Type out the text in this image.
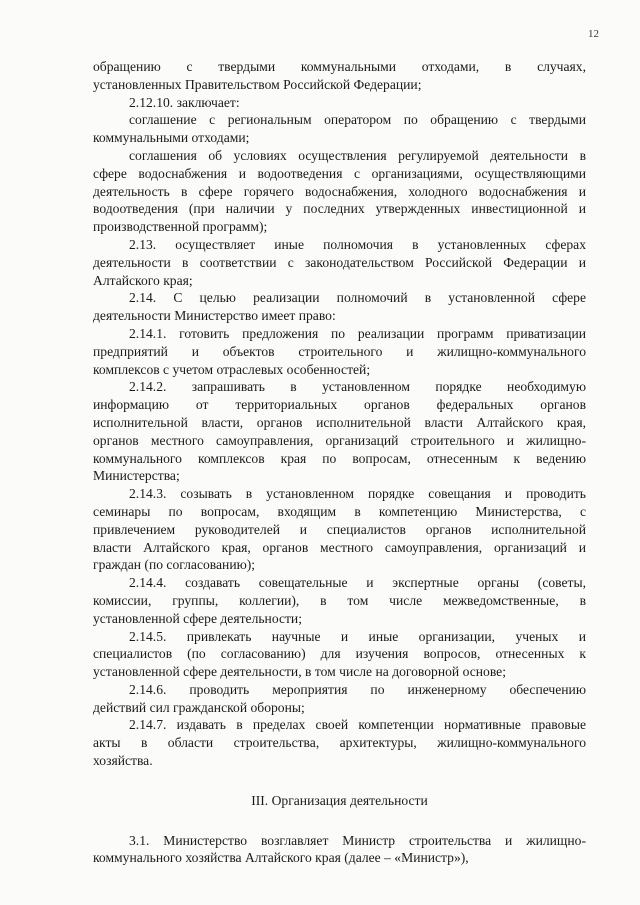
12
обращению с твердыми коммунальными отходами, в случаях,
установленных Правительством Российской Федерации;
2.12.10. заключает:
соглашение с региональным оператором по обращению с твердыми
коммунальными отходами;
соглашения об условиях осуществления регулируемой деятельности в
сфере водоснабжения и водоотведения с организациями, осуществляющими
деятельность в сфере горячего водоснабжения, холодного водоснабжения и
водоотведения (при наличии у последних утвержденных инвестиционной и
производственной программ);
2.13. осуществляет иные полномочия в установленных сферах
деятельности в соответствии с законодательством Российской Федерации и
Алтайского края;
2.14. С целью реализации полномочий в установленной сфере
деятельности Министерство имеет право:
2.14.1. готовить предложения по реализации программ приватизации
предприятий и объектов строительного и жилищно-коммунального
комплексов с учетом отраслевых особенностей;
2.14.2. запрашивать в установленном порядке необходимую
информацию от территориальных органов федеральных органов
исполнительной власти, органов исполнительной власти Алтайского края,
органов местного самоуправления, организаций строительного и жилищно-
коммунального комплексов края по вопросам, отнесенным к ведению
Министерства;
2.14.3. созывать в установленном порядке совещания и проводить
семинары по вопросам, входящим в компетенцию Министерства, с
привлечением руководителей и специалистов органов исполнительной
власти Алтайского края, органов местного самоуправления, организаций и
граждан (по согласованию);
2.14.4. создавать совещательные и экспертные органы (советы,
комиссии, группы, коллегии), в том числе межведомственные, в
установленной сфере деятельности;
2.14.5. привлекать научные и иные организации, ученых и
специалистов (по согласованию) для изучения вопросов, отнесенных к
установленной сфере деятельности, в том числе на договорной основе;
2.14.6. проводить мероприятия по инженерному обеспечению
действий сил гражданской обороны;
2.14.7. издавать в пределах своей компетенции нормативные правовые
акты в области строительства, архитектуры, жилищно-коммунального
хозяйства.
III. Организация деятельности
3.1. Министерство возглавляет Министр строительства и жилищно-
коммунального хозяйства Алтайского края (далее – «Министр»),
